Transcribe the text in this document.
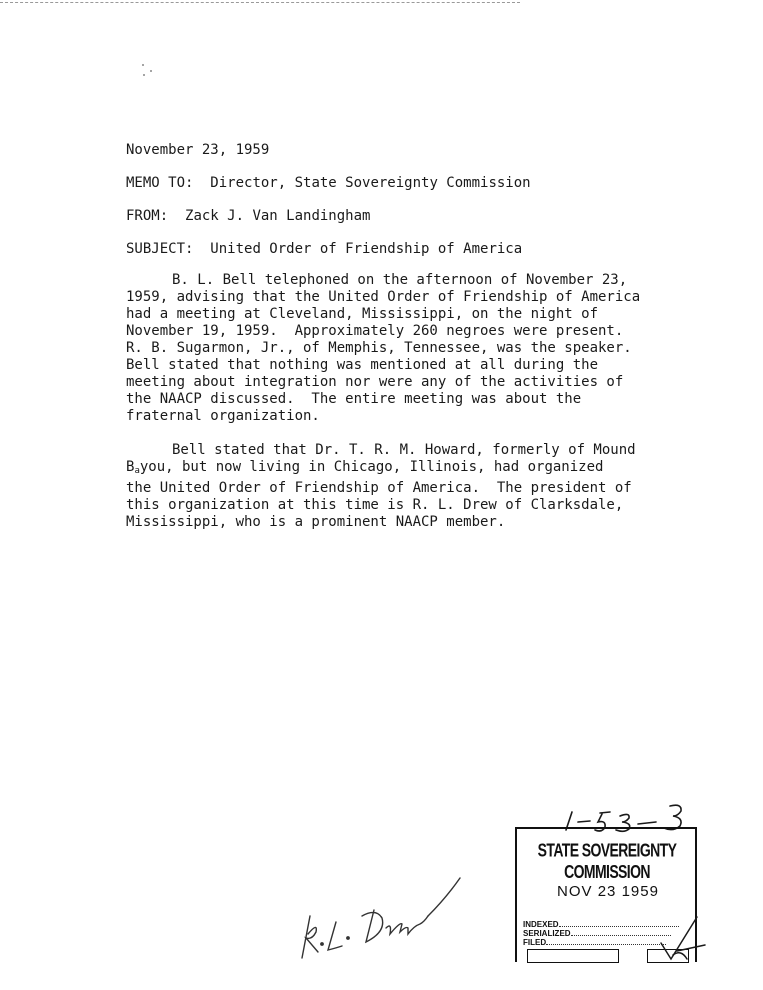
November 23, 1959
MEMO TO: Director, State Sovereignty Commission
FROM: Zack J. Van Landingham
SUBJECT: United Order of Friendship of America
B. L. Bell telephoned on the afternoon of November 23,
1959, advising that the United Order of Friendship of America
had a meeting at Cleveland, Mississippi, on the night of
November 19, 1959.  Approximately 260 negroes were present.
R. B. Sugarmon, Jr., of Memphis, Tennessee, was the speaker.
Bell stated that nothing was mentioned at all during the
meeting about integration nor were any of the activities of
the NAACP discussed.  The entire meeting was about the
fraternal organization.
Bell stated that Dr. T. R. M. Howard, formerly of Mound
$B_ayou$, but now living in Chicago, Illinois, had organized
the United Order of Friendship of America.  The president of
this organization at this time is R. L. Drew of Clarksdale,
Mississippi, who is a prominent NAACP member.
STATE SOVEREIGNTY COMMISSION
NOV 23 1959
INDEXED
SERIALIZED
FILED
